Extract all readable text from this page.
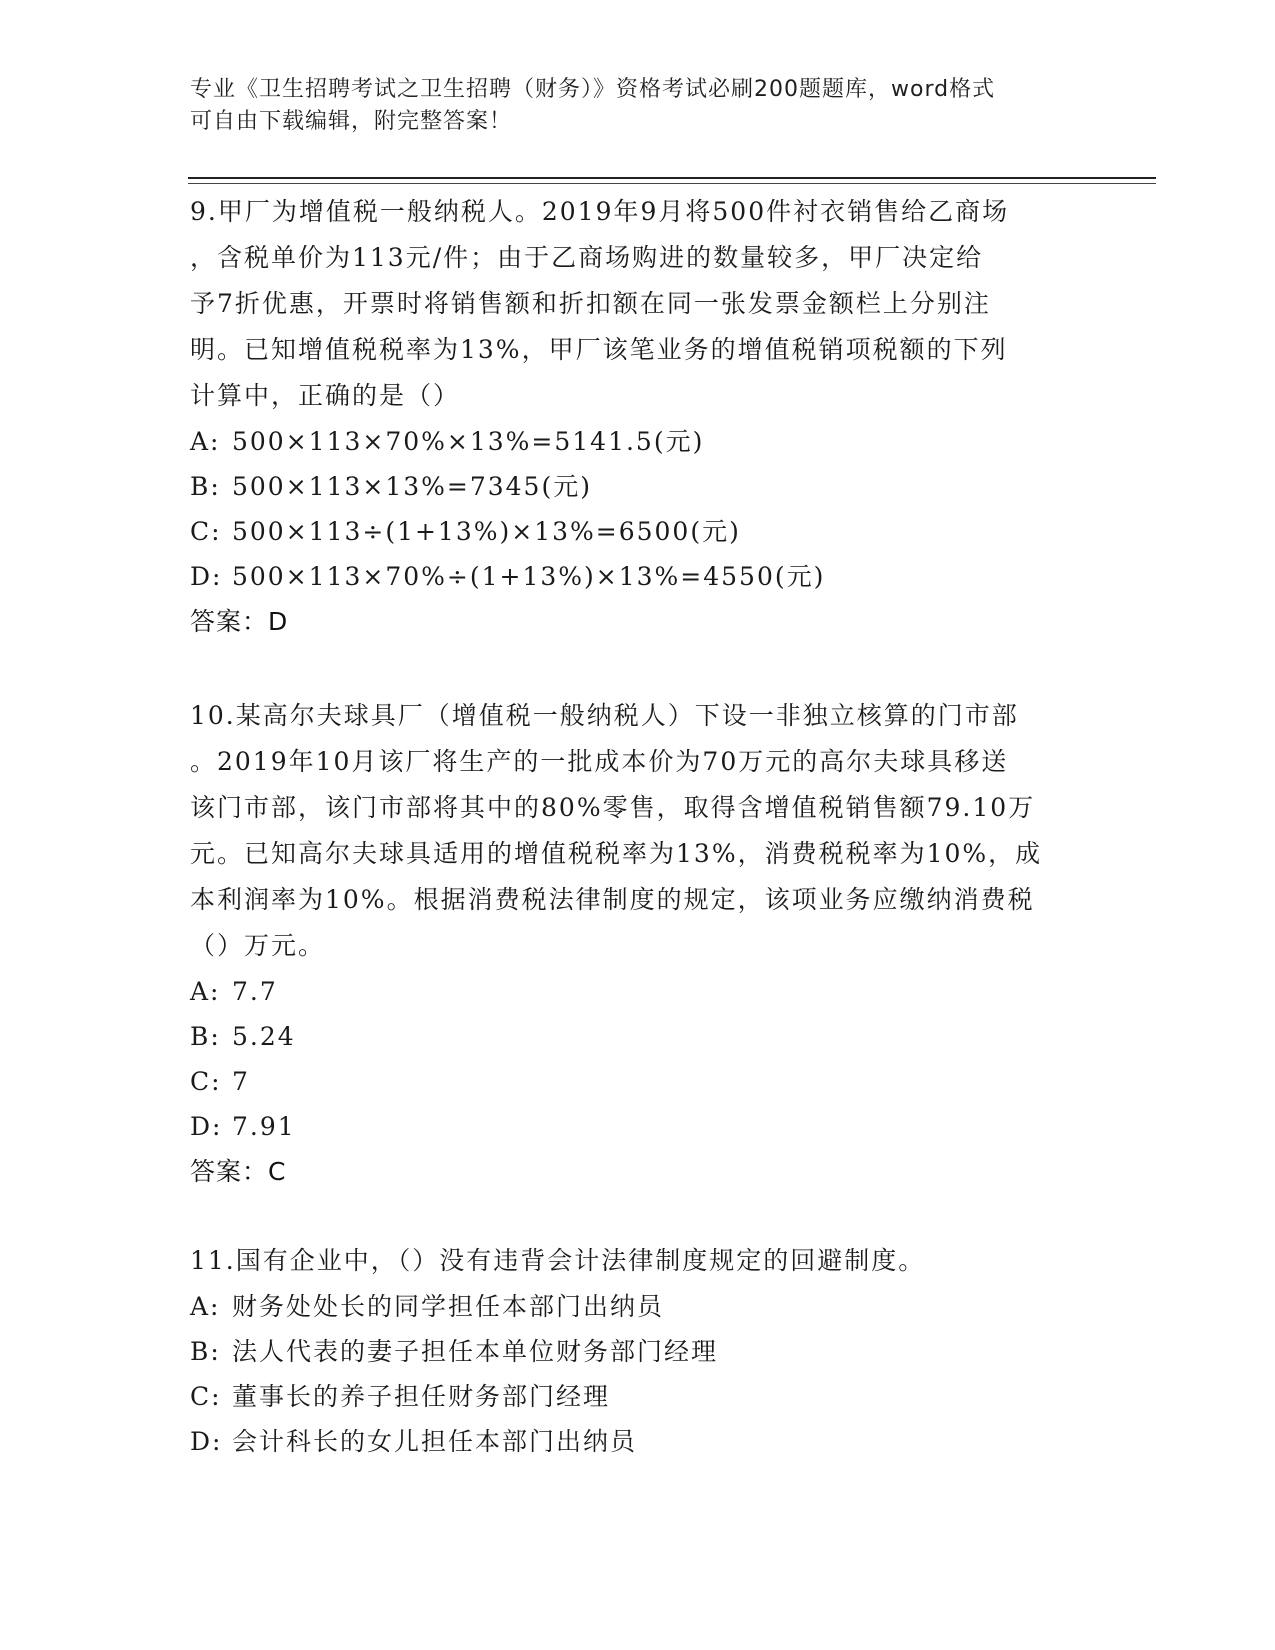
专业《卫生招聘考试之卫生招聘（财务）》资格考试必刷200题题库，word格式
可自由下载编辑，附完整答案！
9.甲厂为增值税一般纳税人。2019年9月将500件衬衣销售给乙商场
，含税单价为113元/件；由于乙商场购进的数量较多，甲厂决定给
予7折优惠，开票时将销售额和折扣额在同一张发票金额栏上分别注
明。已知增值税税率为13%，甲厂该笔业务的增值税销项税额的下列
计算中，正确的是（）
A: 500×113×70%×13%=5141.5(元)
B: 500×113×13%=7345(元)
C: 500×113÷(1+13%)×13%=6500(元)
D: 500×113×70%÷(1+13%)×13%=4550(元)
答案：D
10.某高尔夫球具厂（增值税一般纳税人）下设一非独立核算的门市部
。2019年10月该厂将生产的一批成本价为70万元的高尔夫球具移送
该门市部，该门市部将其中的80%零售，取得含增值税销售额79.10万
元。已知高尔夫球具适用的增值税税率为13%，消费税税率为10%，成
本利润率为10%。根据消费税法律制度的规定，该项业务应缴纳消费税
（）万元。
A: 7.7
B: 5.24
C: 7
D: 7.91
答案：C
11.国有企业中，（）没有违背会计法律制度规定的回避制度。
A: 财务处处长的同学担任本部门出纳员
B: 法人代表的妻子担任本单位财务部门经理
C: 董事长的养子担任财务部门经理
D: 会计科长的女儿担任本部门出纳员
